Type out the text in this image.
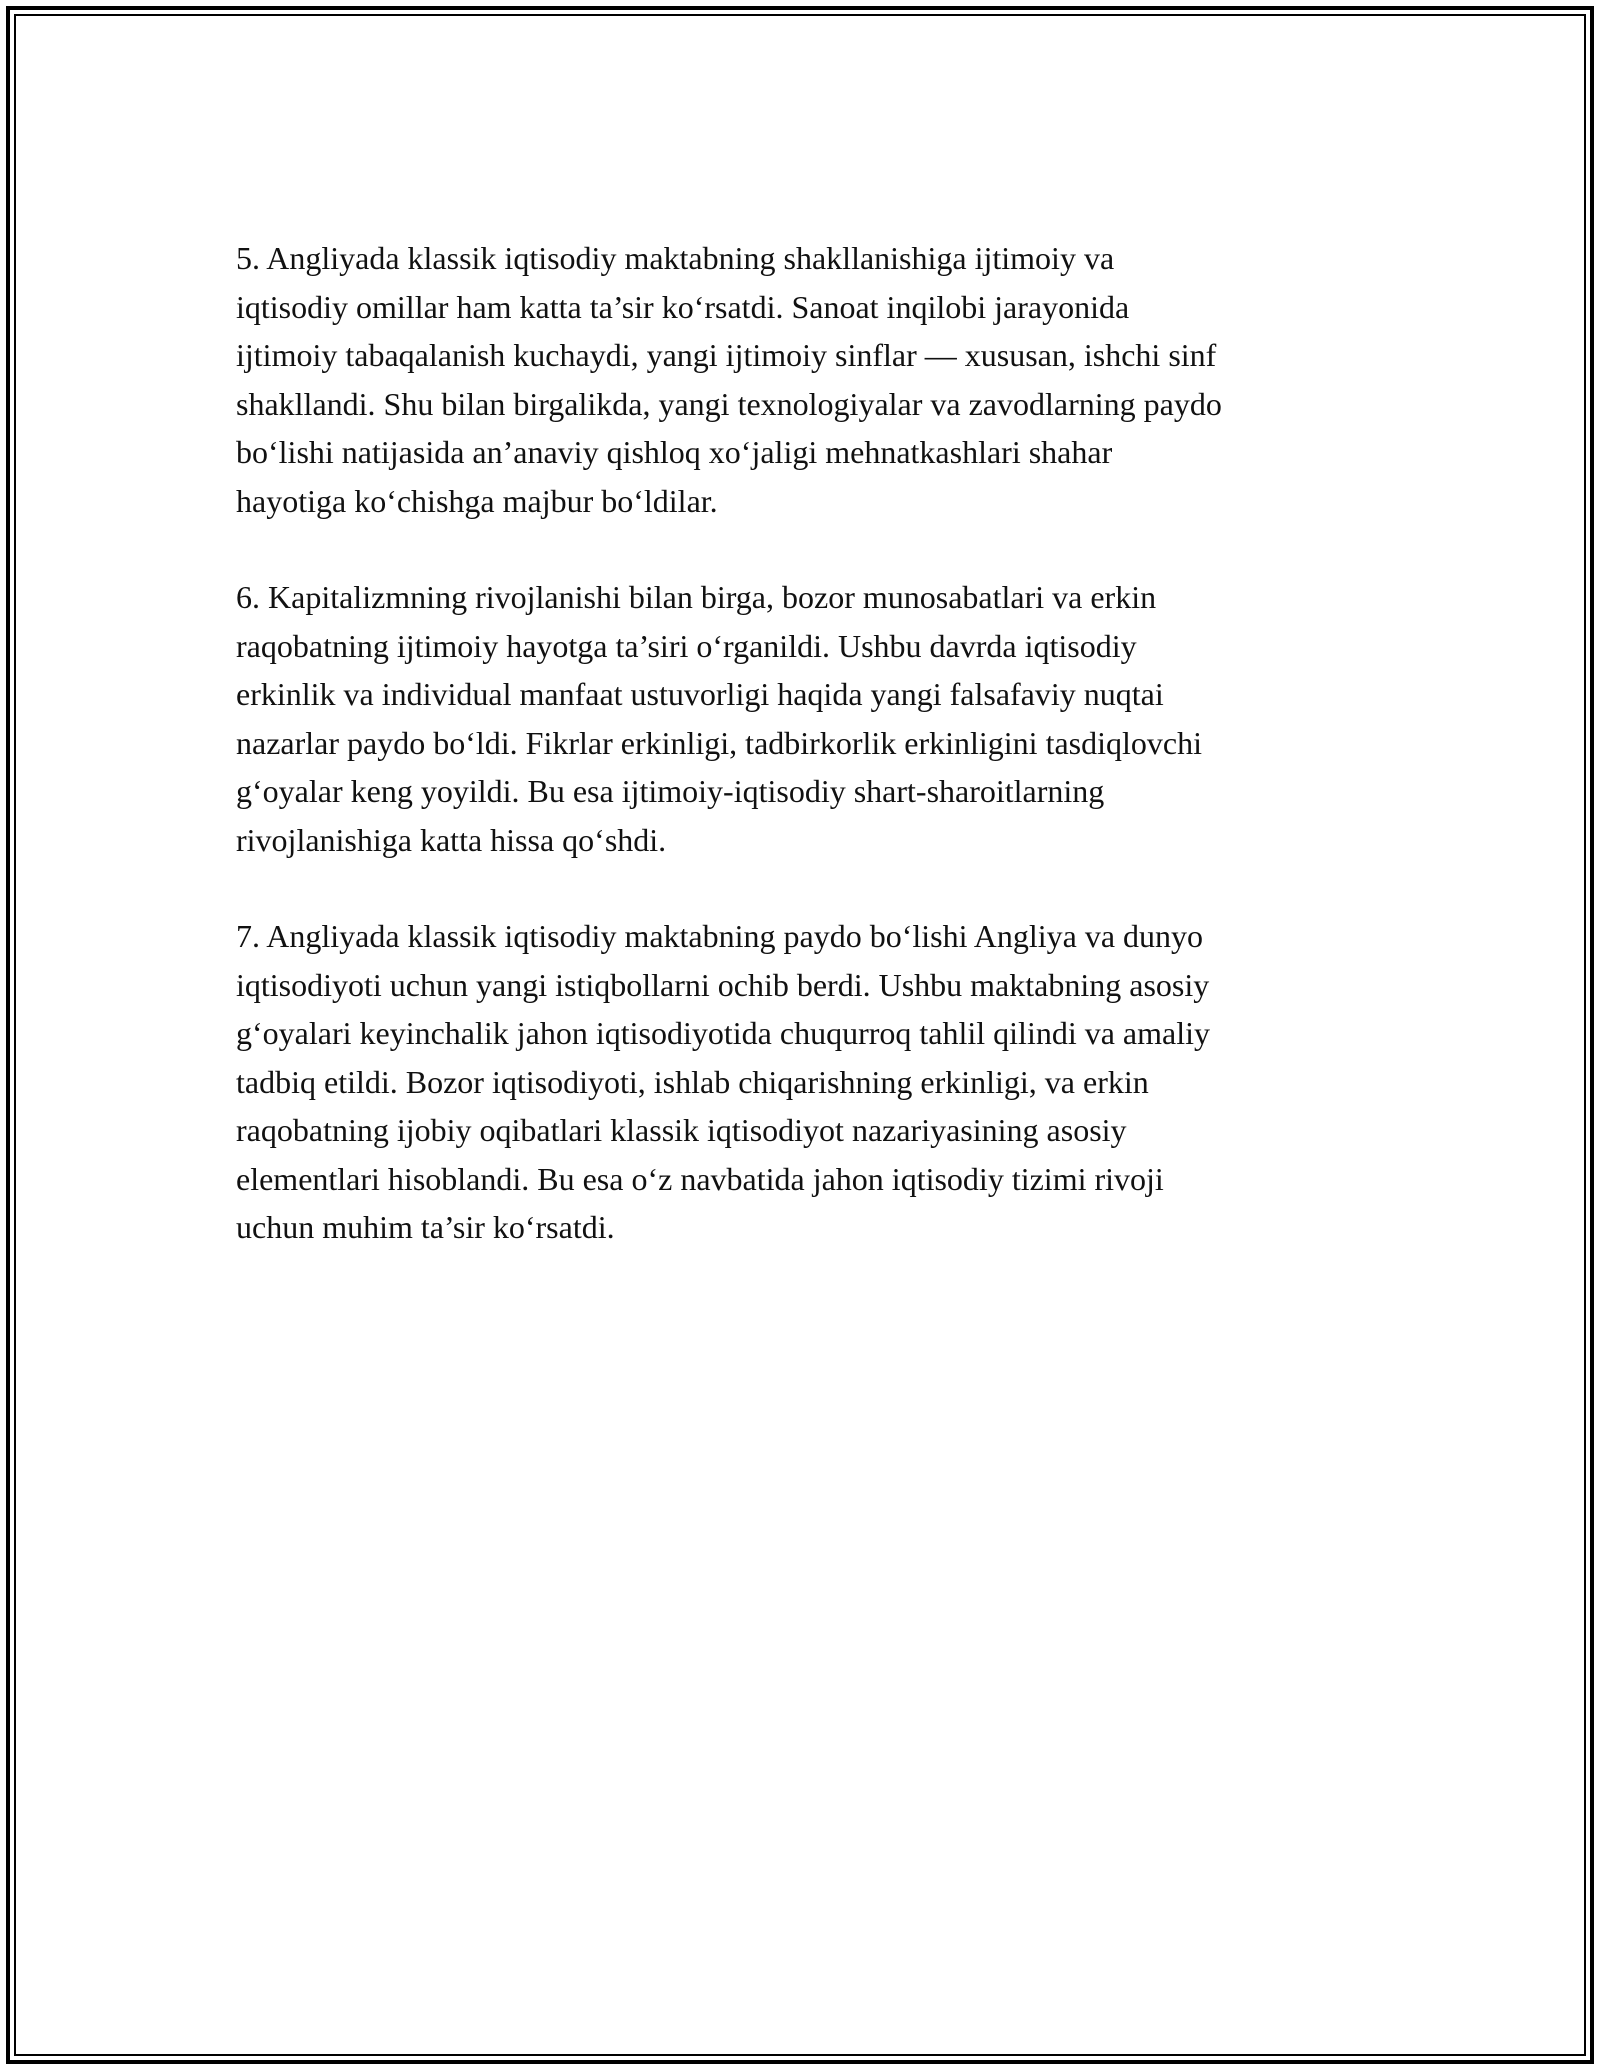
5. Angliyada klassik iqtisodiy maktabning shakllanishiga ijtimoiy va
iqtisodiy omillar ham katta ta’sir ko‘rsatdi. Sanoat inqilobi jarayonida
ijtimoiy tabaqalanish kuchaydi, yangi ijtimoiy sinflar — xususan, ishchi sinf
shakllandi. Shu bilan birgalikda, yangi texnologiyalar va zavodlarning paydo
bo‘lishi natijasida an’anaviy qishloq xo‘jaligi mehnatkashlari shahar
hayotiga ko‘chishga majbur bo‘ldilar.

6. Kapitalizmning rivojlanishi bilan birga, bozor munosabatlari va erkin
raqobatning ijtimoiy hayotga ta’siri o‘rganildi. Ushbu davrda iqtisodiy
erkinlik va individual manfaat ustuvorligi haqida yangi falsafaviy nuqtai
nazarlar paydo bo‘ldi. Fikrlar erkinligi, tadbirkorlik erkinligini tasdiqlovchi
g‘oyalar keng yoyildi. Bu esa ijtimoiy-iqtisodiy shart-sharoitlarning
rivojlanishiga katta hissa qo‘shdi.

7. Angliyada klassik iqtisodiy maktabning paydo bo‘lishi Angliya va dunyo
iqtisodiyoti uchun yangi istiqbollarni ochib berdi. Ushbu maktabning asosiy
g‘oyalari keyinchalik jahon iqtisodiyotida chuqurroq tahlil qilindi va amaliy
tadbiq etildi. Bozor iqtisodiyoti, ishlab chiqarishning erkinligi, va erkin
raqobatning ijobiy oqibatlari klassik iqtisodiyot nazariyasining asosiy
elementlari hisoblandi. Bu esa o‘z navbatida jahon iqtisodiy tizimi rivoji
uchun muhim ta’sir ko‘rsatdi.
